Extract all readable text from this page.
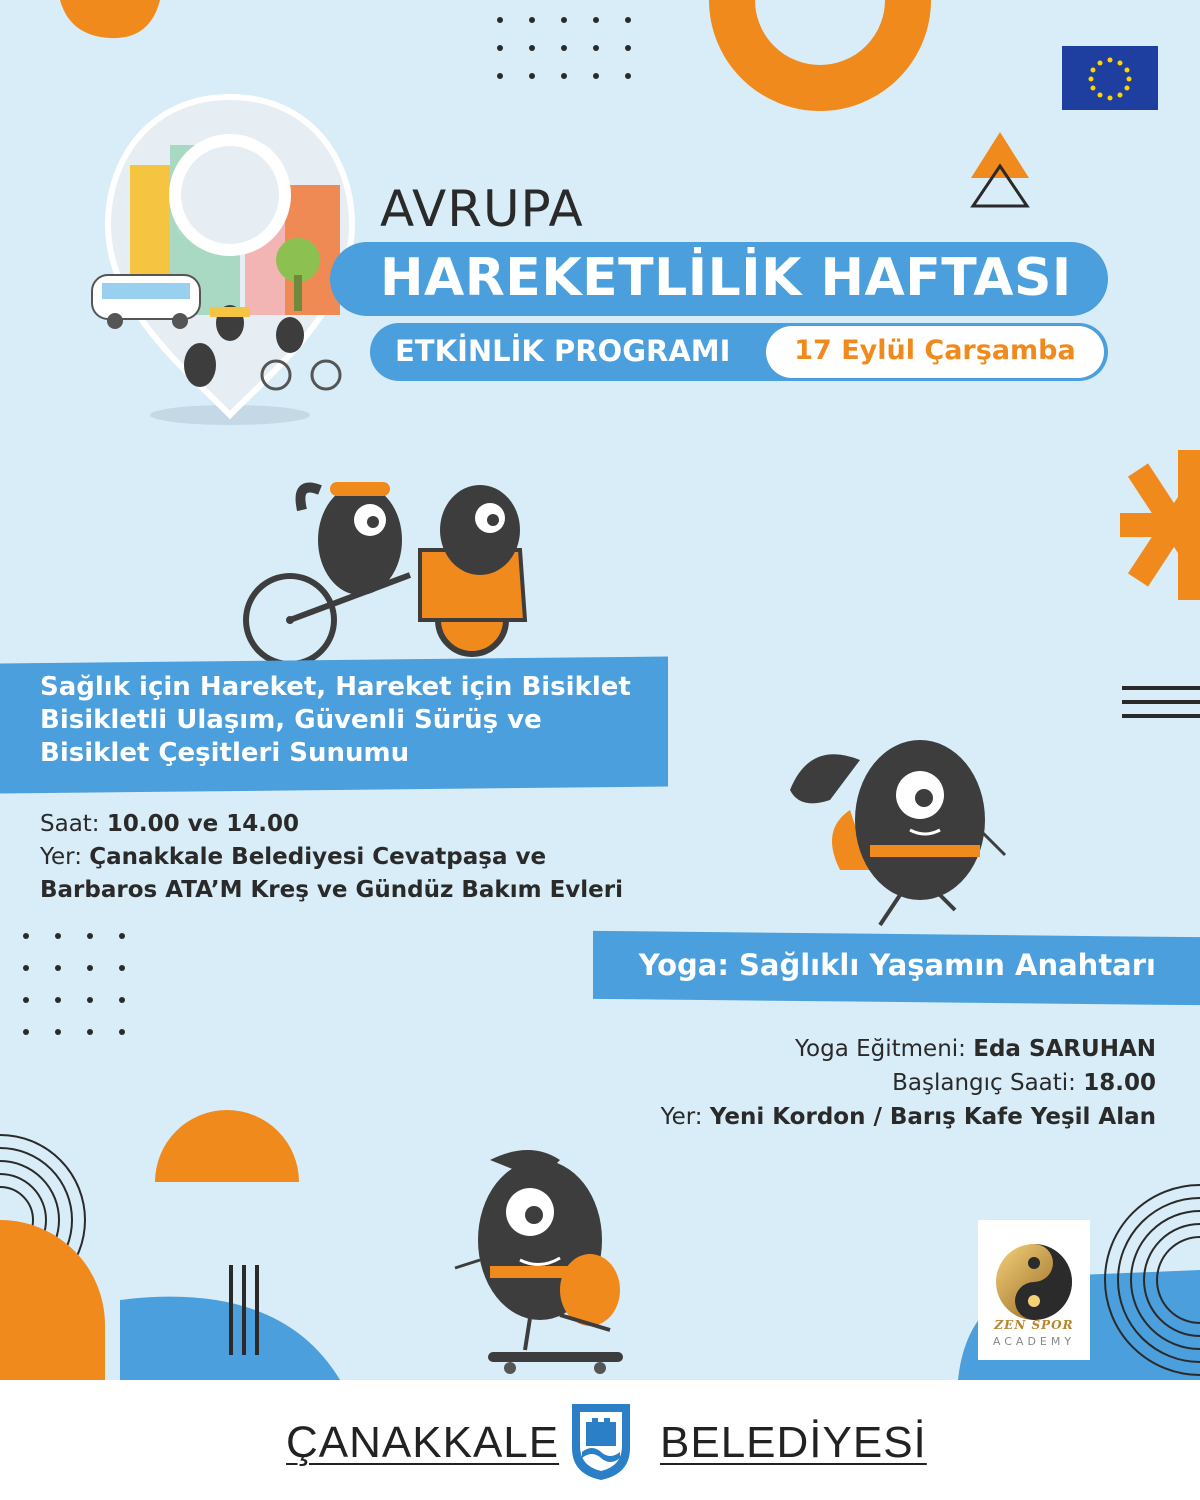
AVRUPA
HAREKETLİLİK HAFTASI
ETKİNLİK PROGRAMI	17 Eylül Çarşamba
Sağlık için Hareket, Hareket için Bisiklet
Bisikletli Ulaşım, Güvenli Sürüş ve
Bisiklet Çeşitleri Sunumu
Saat: 10.00 ve 14.00
Yer: Çanakkale Belediyesi Cevatpaşa ve
Barbaros ATA’M Kreş ve Gündüz Bakım Evleri
Yoga: Sağlıklı Yaşamın Anahtarı
Yoga Eğitmeni: Eda SARUHAN
Başlangıç Saati: 18.00
Yer: Yeni Kordon / Barış Kafe Yeşil Alan
ZEN SPOR
ACADEMY
ÇANAKKALE BELEDİYESİ
